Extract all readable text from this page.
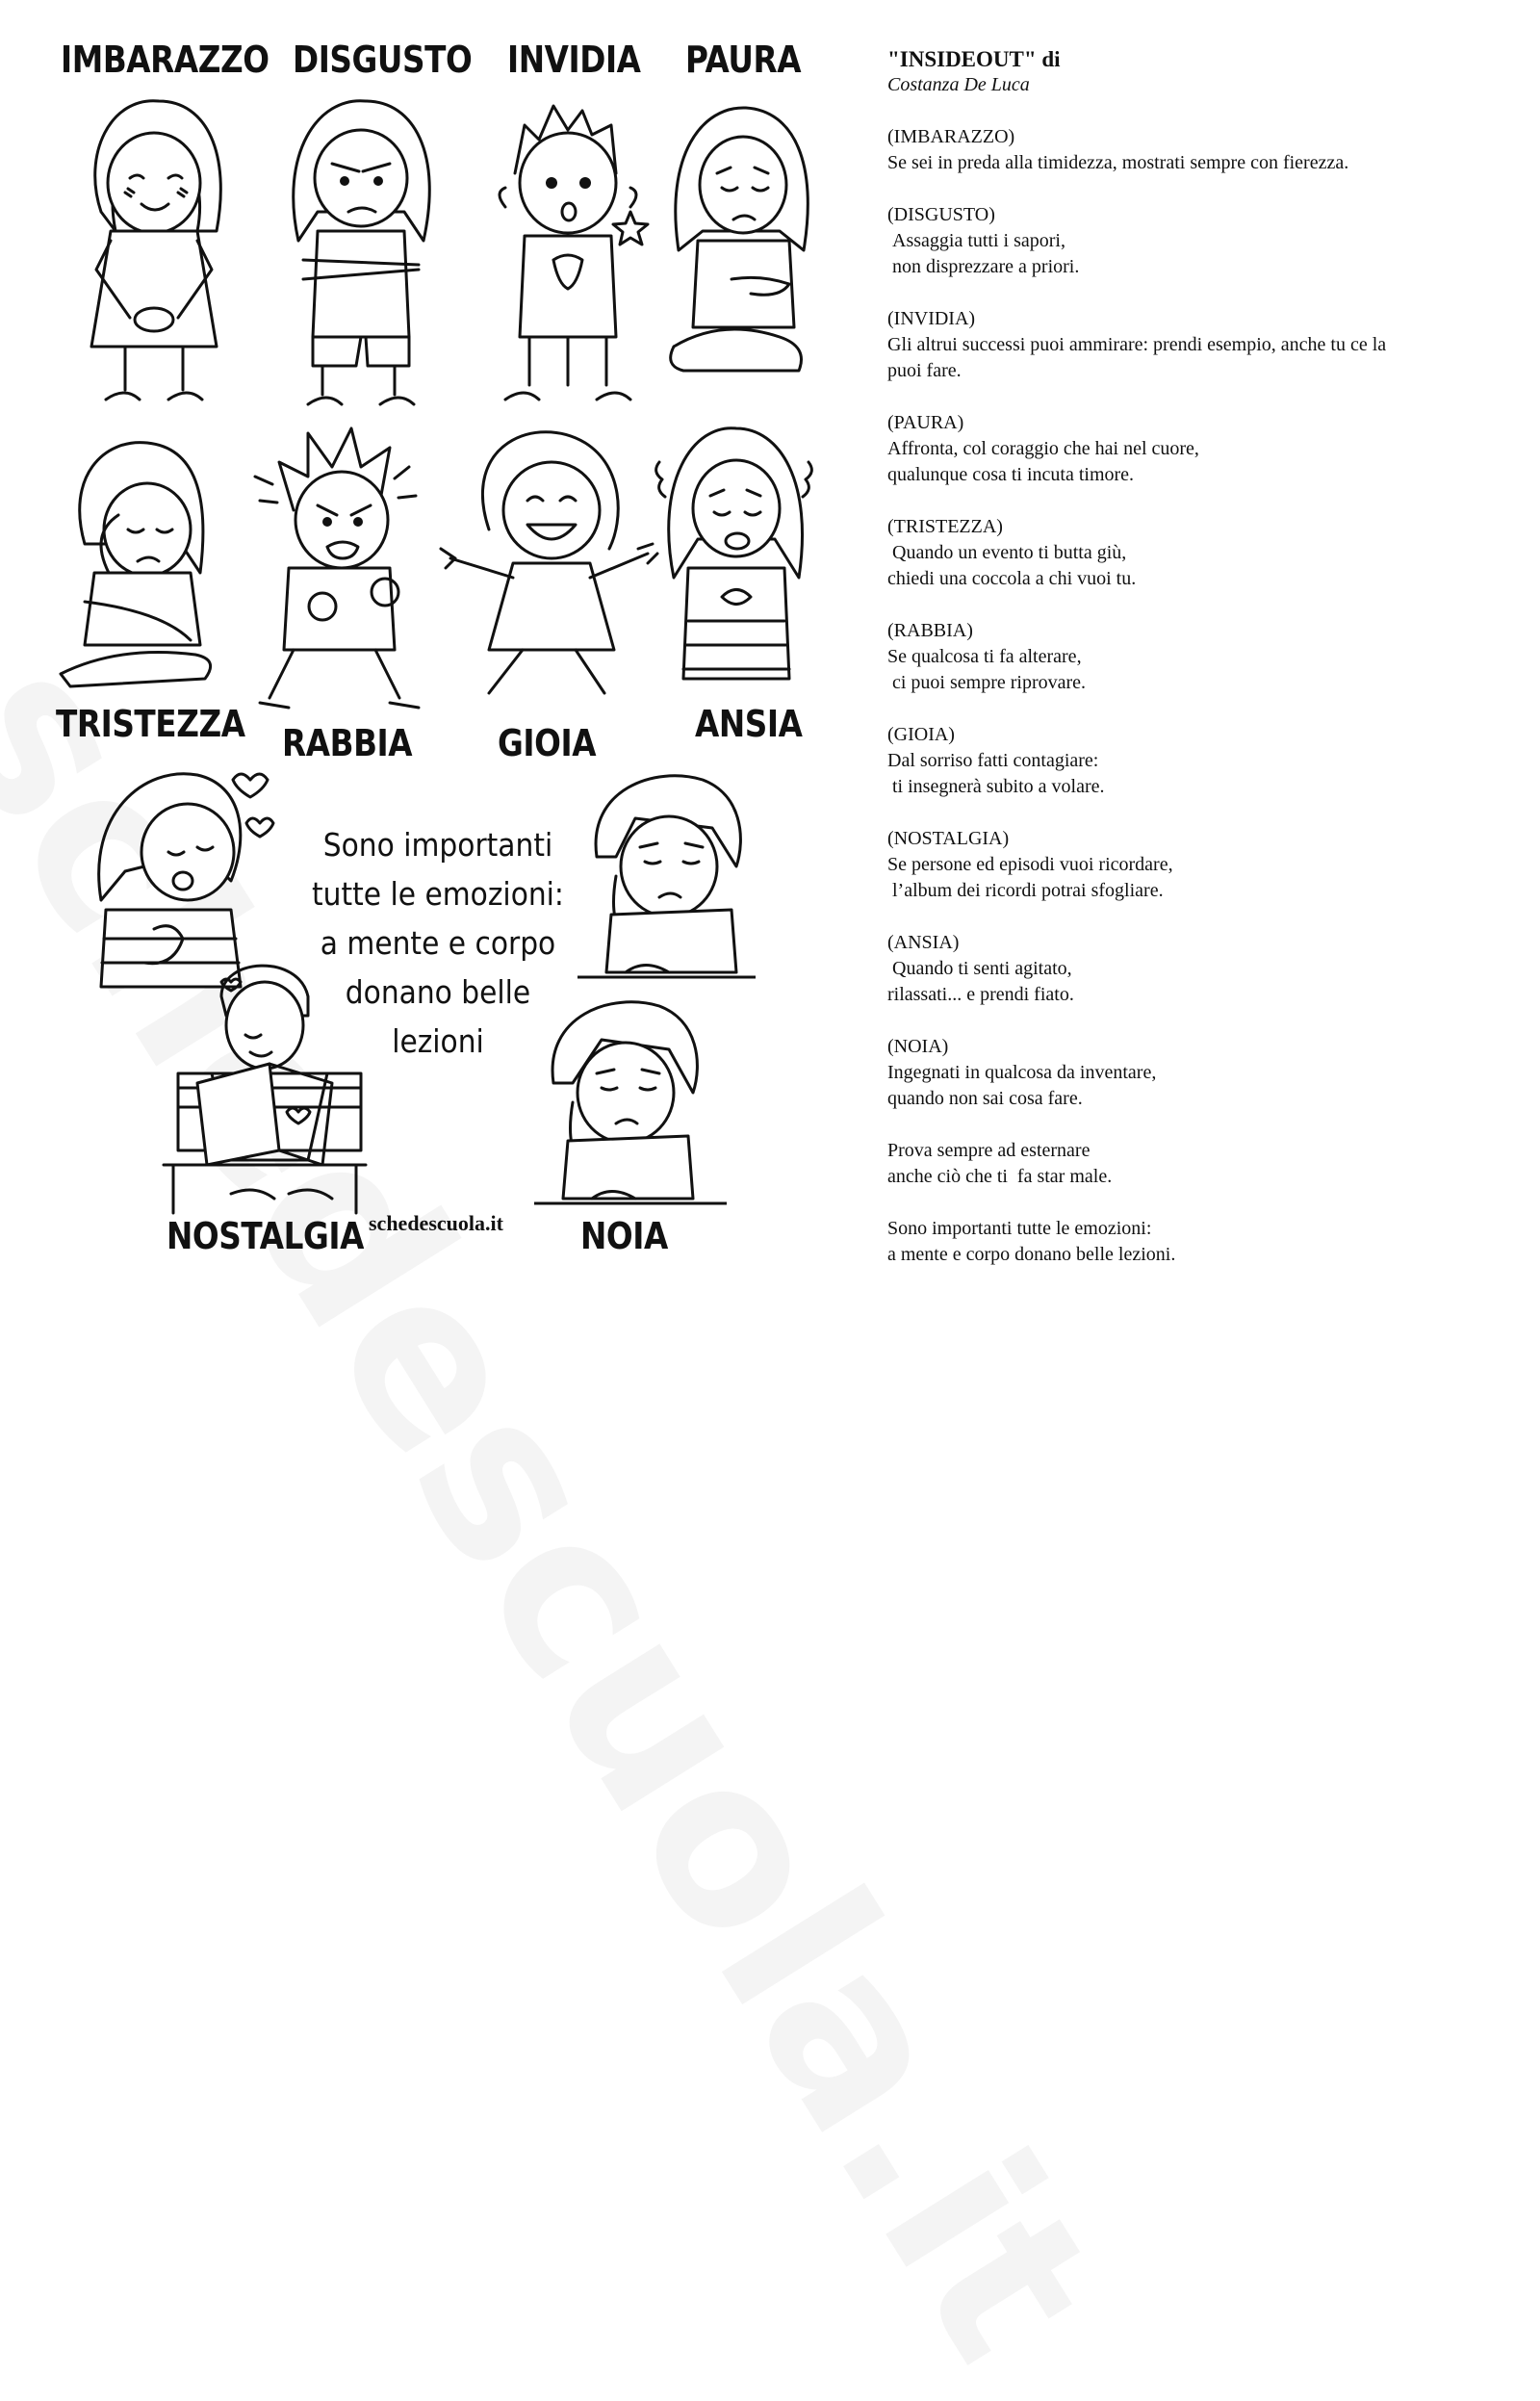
IMBARAZZO DISGUSTO INVIDIA PAURA
TRISTEZZA RABBIA GIOIA	ANSIA
Sono importanti
tutte le emozioni:
a mente e corpo
donano belle
lezioni
schedescuola.it
NOSTALGIA	NOIA
"INSIDEOUT" di
Costanza De Luca
(IMBARAZZO)
Se sei in preda alla timidezza, mostrati sempre con fierezza.
(DISGUSTO)
Assaggia tutti i sapori,
non disprezzare a priori.
(INVIDIA)
Gli altrui successi puoi ammirare: prendi esempio, anche tu ce la
puoi fare.
(PAURA)
Affronta, col coraggio che hai nel cuore,
qualunque cosa ti incuta timore.
(TRISTEZZA)
Quando un evento ti butta giù,
chiedi una coccola a chi vuoi tu.
(RABBIA)
Se qualcosa ti fa alterare,
ci puoi sempre riprovare.
(GIOIA)
Dal sorriso fatti contagiare:
ti insegnerà subito a volare.
(NOSTALGIA)
Se persone ed episodi vuoi ricordare,
l’album dei ricordi potrai sfogliare.
(ANSIA)
Quando ti senti agitato,
rilassati... e prendi fiato.
(NOIA)
Ingegnati in qualcosa da inventare,
quando non sai cosa fare.
Prova sempre ad esternare
anche ciò che ti  fa star male.
Sono importanti tutte le emozioni:
a mente e corpo donano belle lezioni.
